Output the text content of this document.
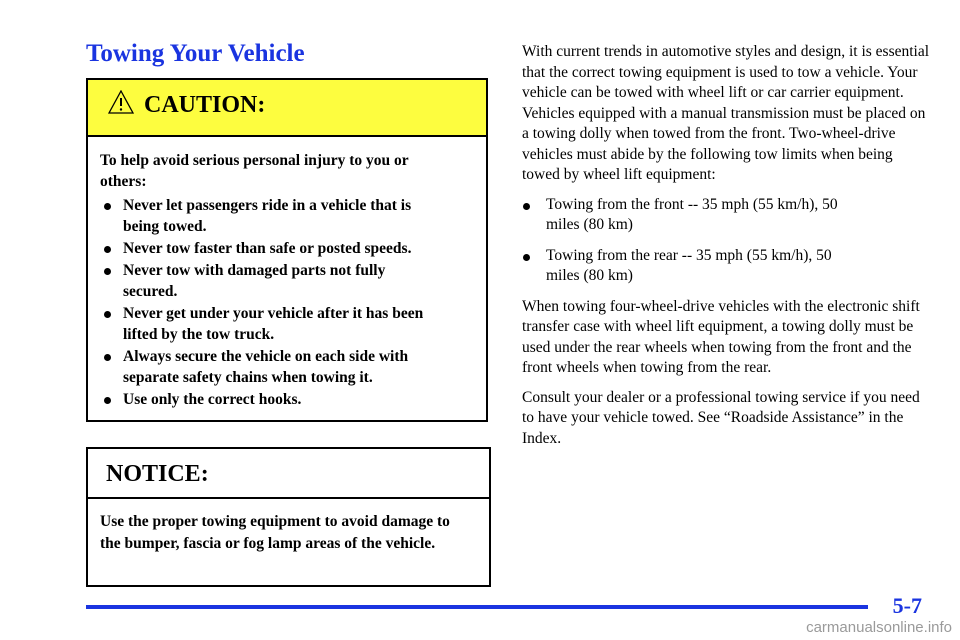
Towing Your Vehicle
CAUTION:

To help avoid serious personal injury to you or others:

Never let passengers ride in a vehicle that is being towed.
Never tow faster than safe or posted speeds.
Never tow with damaged parts not fully secured.
Never get under your vehicle after it has been lifted by the tow truck.
Always secure the vehicle on each side with separate safety chains when towing it.
Use only the correct hooks.
NOTICE:
Use the proper towing equipment to avoid damage to the bumper, fascia or fog lamp areas of the vehicle.

With current trends in automotive styles and design, it is essential that the correct towing equipment is used to tow a vehicle. Your vehicle can be towed with wheel lift or car carrier equipment. Vehicles equipped with a manual transmission must be placed on a towing dolly when towed from the front. Two-wheel-drive vehicles must abide by the following tow limits when being towed by wheel lift equipment:

Towing from the front -- 35 mph (55 km/h), 50 miles (80 km)
Towing from the rear -- 35 mph (55 km/h), 50 miles (80 km)

When towing four-wheel-drive vehicles with the electronic shift transfer case with wheel lift equipment, a towing dolly must be used under the rear wheels when towing from the front and the front wheels when towing from the rear.

Consult your dealer or a professional towing service if you need to have your vehicle towed. See “Roadside Assistance” in the Index.

5-7
carmanualsonline.info
